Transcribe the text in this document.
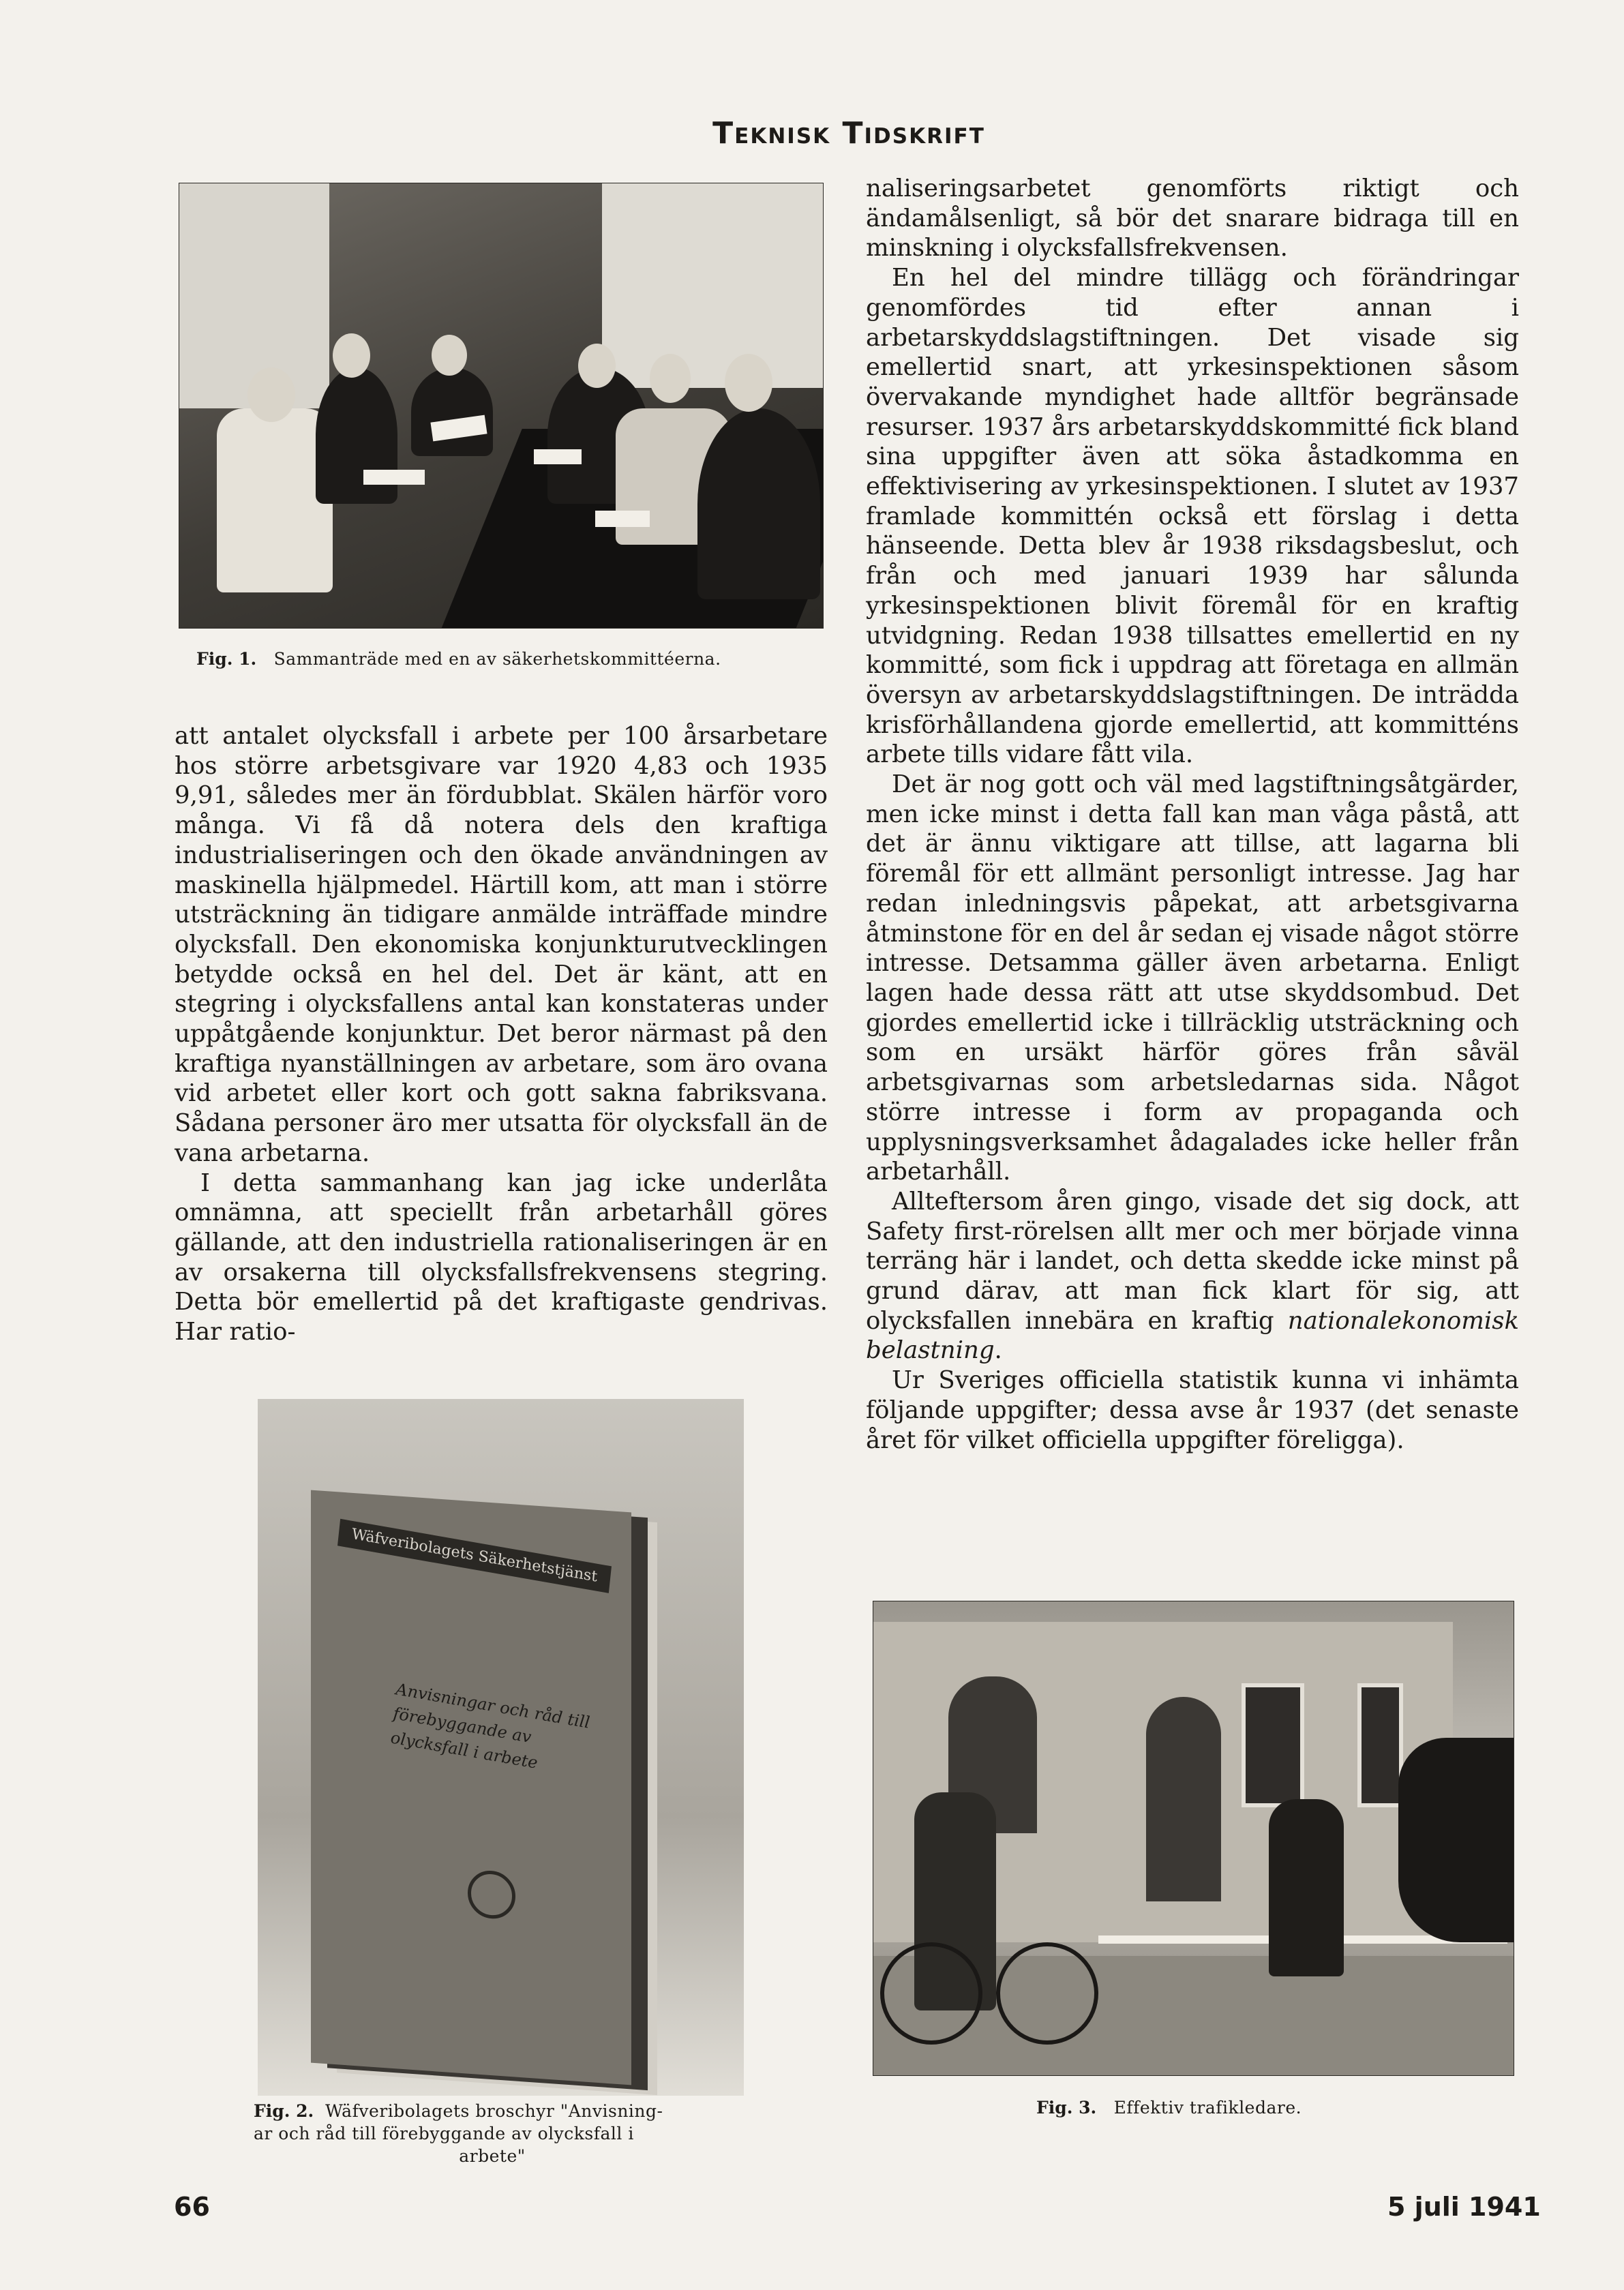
Teknisk Tidskrift
Fig. 1. Sammanträde med en av säkerhetskommittéerna.

att antalet olycksfall i arbete per 100 årsarbetare hos större arbetsgivare var 1920 4,83 och 1935 9,91, således mer än fördubblat. Skälen härför voro många. Vi få då notera dels den kraftiga industrialiseringen och den ökade användningen av maskinella hjälpmedel. Härtill kom, att man i större utsträckning än tidigare anmälde inträffade mindre olycksfall. Den ekonomiska konjunkturutvecklingen betydde också en hel del. Det är känt, att en stegring i olycksfallens antal kan konstateras under uppåtgående konjunktur. Det beror närmast på den kraftiga nyanställningen av arbetare, som äro ovana vid arbetet eller kort och gott sakna fabriksvana. Sådana personer äro mer utsatta för olycksfall än de vana arbetarna.

I detta sammanhang kan jag icke underlåta omnämna, att speciellt från arbetarhåll göres gällande, att den industriella rationaliseringen är en av orsakerna till olycksfallsfrekvensens stegring. Detta bör emellertid på det kraftigaste gendrivas. Har ratio-

Wäfveribolagets Säkerhetstjänst
Anvisningar och råd till förebyggande av olycksfall i arbete
Fig. 2. Wäfveribolagets broschyr "Anvisning-
ar och råd till förebyggande av olycksfall i
arbete"

naliseringsarbetet genomförts riktigt och ändamålsenligt, så bör det snarare bidraga till en minskning i olycksfallsfrekvensen.

En hel del mindre tillägg och förändringar genomfördes tid efter annan i arbetarskyddslagstiftningen. Det visade sig emellertid snart, att yrkesinspektionen såsom övervakande myndighet hade alltför begränsade resurser. 1937 års arbetarskyddskommitté fick bland sina uppgifter även att söka åstadkomma en effektivisering av yrkesinspektionen. I slutet av 1937 framlade kommittén också ett förslag i detta hänseende. Detta blev år 1938 riksdagsbeslut, och från och med januari 1939 har sålunda yrkesinspektionen blivit föremål för en kraftig utvidgning. Redan 1938 tillsattes emellertid en ny kommitté, som fick i uppdrag att företaga en allmän översyn av arbetarskyddslagstiftningen. De inträdda krisförhållandena gjorde emellertid, att kommitténs arbete tills vidare fått vila.

Det är nog gott och väl med lagstiftningsåtgärder, men icke minst i detta fall kan man våga påstå, att det är ännu viktigare att tillse, att lagarna bli föremål för ett allmänt personligt intresse. Jag har redan inledningsvis påpekat, att arbetsgivarna åtminstone för en del år sedan ej visade något större intresse. Detsamma gäller även arbetarna. Enligt lagen hade dessa rätt att utse skyddsombud. Det gjordes emellertid icke i tillräcklig utsträckning och som en ursäkt härför göres från såväl arbetsgivarnas som arbetsledarnas sida. Något större intresse i form av propaganda och upplysningsverksamhet ådagalades icke heller från arbetarhåll.

Allteftersom åren gingo, visade det sig dock, att Safety first-rörelsen allt mer och mer började vinna terräng här i landet, och detta skedde icke minst på grund därav, att man fick klart för sig, att olycksfallen innebära en kraftig nationalekonomisk belastning.

Ur Sveriges officiella statistik kunna vi inhämta följande uppgifter; dessa avse år 1937 (det senaste året för vilket officiella uppgifter föreligga).

Fig. 3. Effektiv trafikledare.
66	5 juli 1941
